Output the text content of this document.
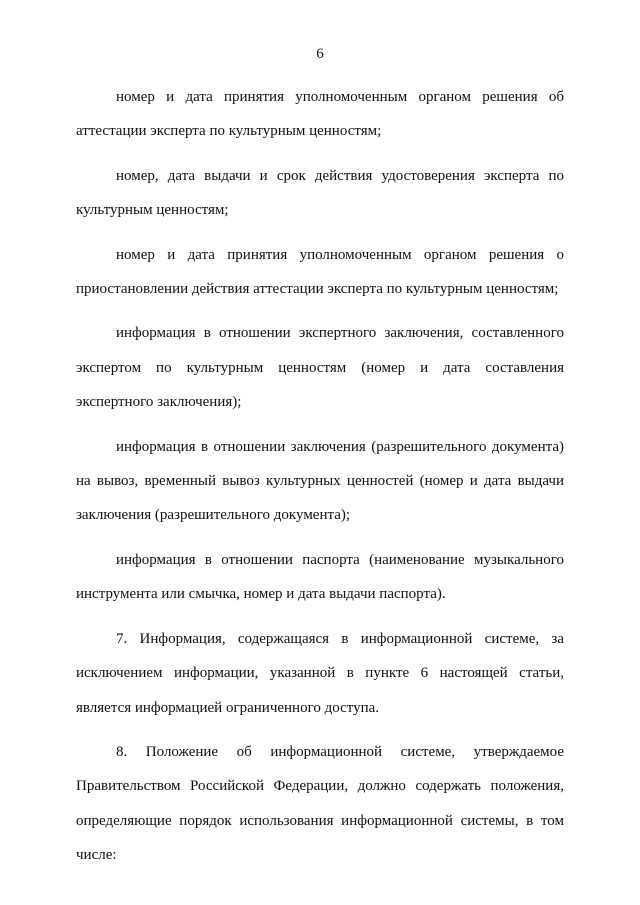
6

номер и дата принятия уполномоченным органом решения об аттестации эксперта по культурным ценностям;

номер, дата выдачи и срок действия удостоверения эксперта по культурным ценностям;

номер и дата принятия уполномоченным органом решения о приостановлении действия аттестации эксперта по культурным ценностям;

информация в отношении экспертного заключения, составленного экспертом по культурным ценностям (номер и дата составления экспертного заключения);

информация в отношении заключения (разрешительного документа) на вывоз, временный вывоз культурных ценностей (номер и дата выдачи заключения (разрешительного документа);

информация в отношении паспорта (наименование музыкального инструмента или смычка, номер и дата выдачи паспорта).

7. Информация, содержащаяся в информационной системе, за исключением информации, указанной в пункте 6 настоящей статьи, является информацией ограниченного доступа.

8. Положение об информационной системе, утверждаемое Правительством Российской Федерации, должно содержать положения, определяющие порядок использования информационной системы, в том числе:
